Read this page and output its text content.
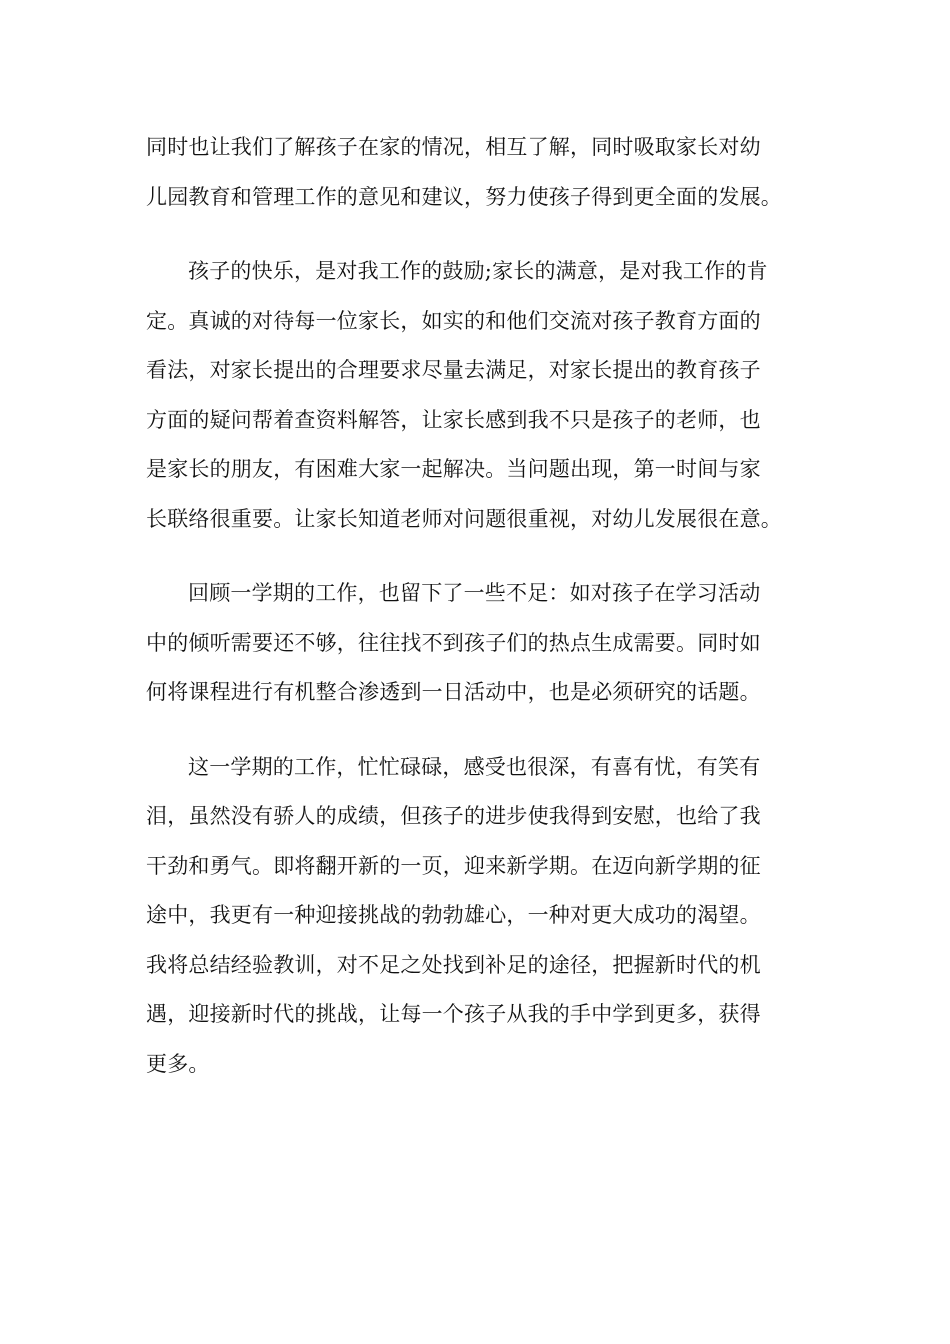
同时也让我们了解孩子在家的情况，相互了解，同时吸取家长对幼
儿园教育和管理工作的意见和建议，努力使孩子得到更全面的发展。

孩子的快乐，是对我工作的鼓励;家长的满意，是对我工作的肯
定。真诚的对待每一位家长，如实的和他们交流对孩子教育方面的
看法，对家长提出的合理要求尽量去满足，对家长提出的教育孩子
方面的疑问帮着查资料解答，让家长感到我不只是孩子的老师，也
是家长的朋友，有困难大家一起解决。当问题出现，第一时间与家
长联络很重要。让家长知道老师对问题很重视，对幼儿发展很在意。

回顾一学期的工作，也留下了一些不足：如对孩子在学习活动
中的倾听需要还不够，往往找不到孩子们的热点生成需要。同时如
何将课程进行有机整合渗透到一日活动中，也是必须研究的话题。

这一学期的工作，忙忙碌碌，感受也很深，有喜有忧，有笑有
泪，虽然没有骄人的成绩，但孩子的进步使我得到安慰，也给了我
干劲和勇气。即将翻开新的一页，迎来新学期。在迈向新学期的征
途中，我更有一种迎接挑战的勃勃雄心，一种对更大成功的渴望。
我将总结经验教训，对不足之处找到补足的途径，把握新时代的机
遇，迎接新时代的挑战，让每一个孩子从我的手中学到更多，获得
更多。
